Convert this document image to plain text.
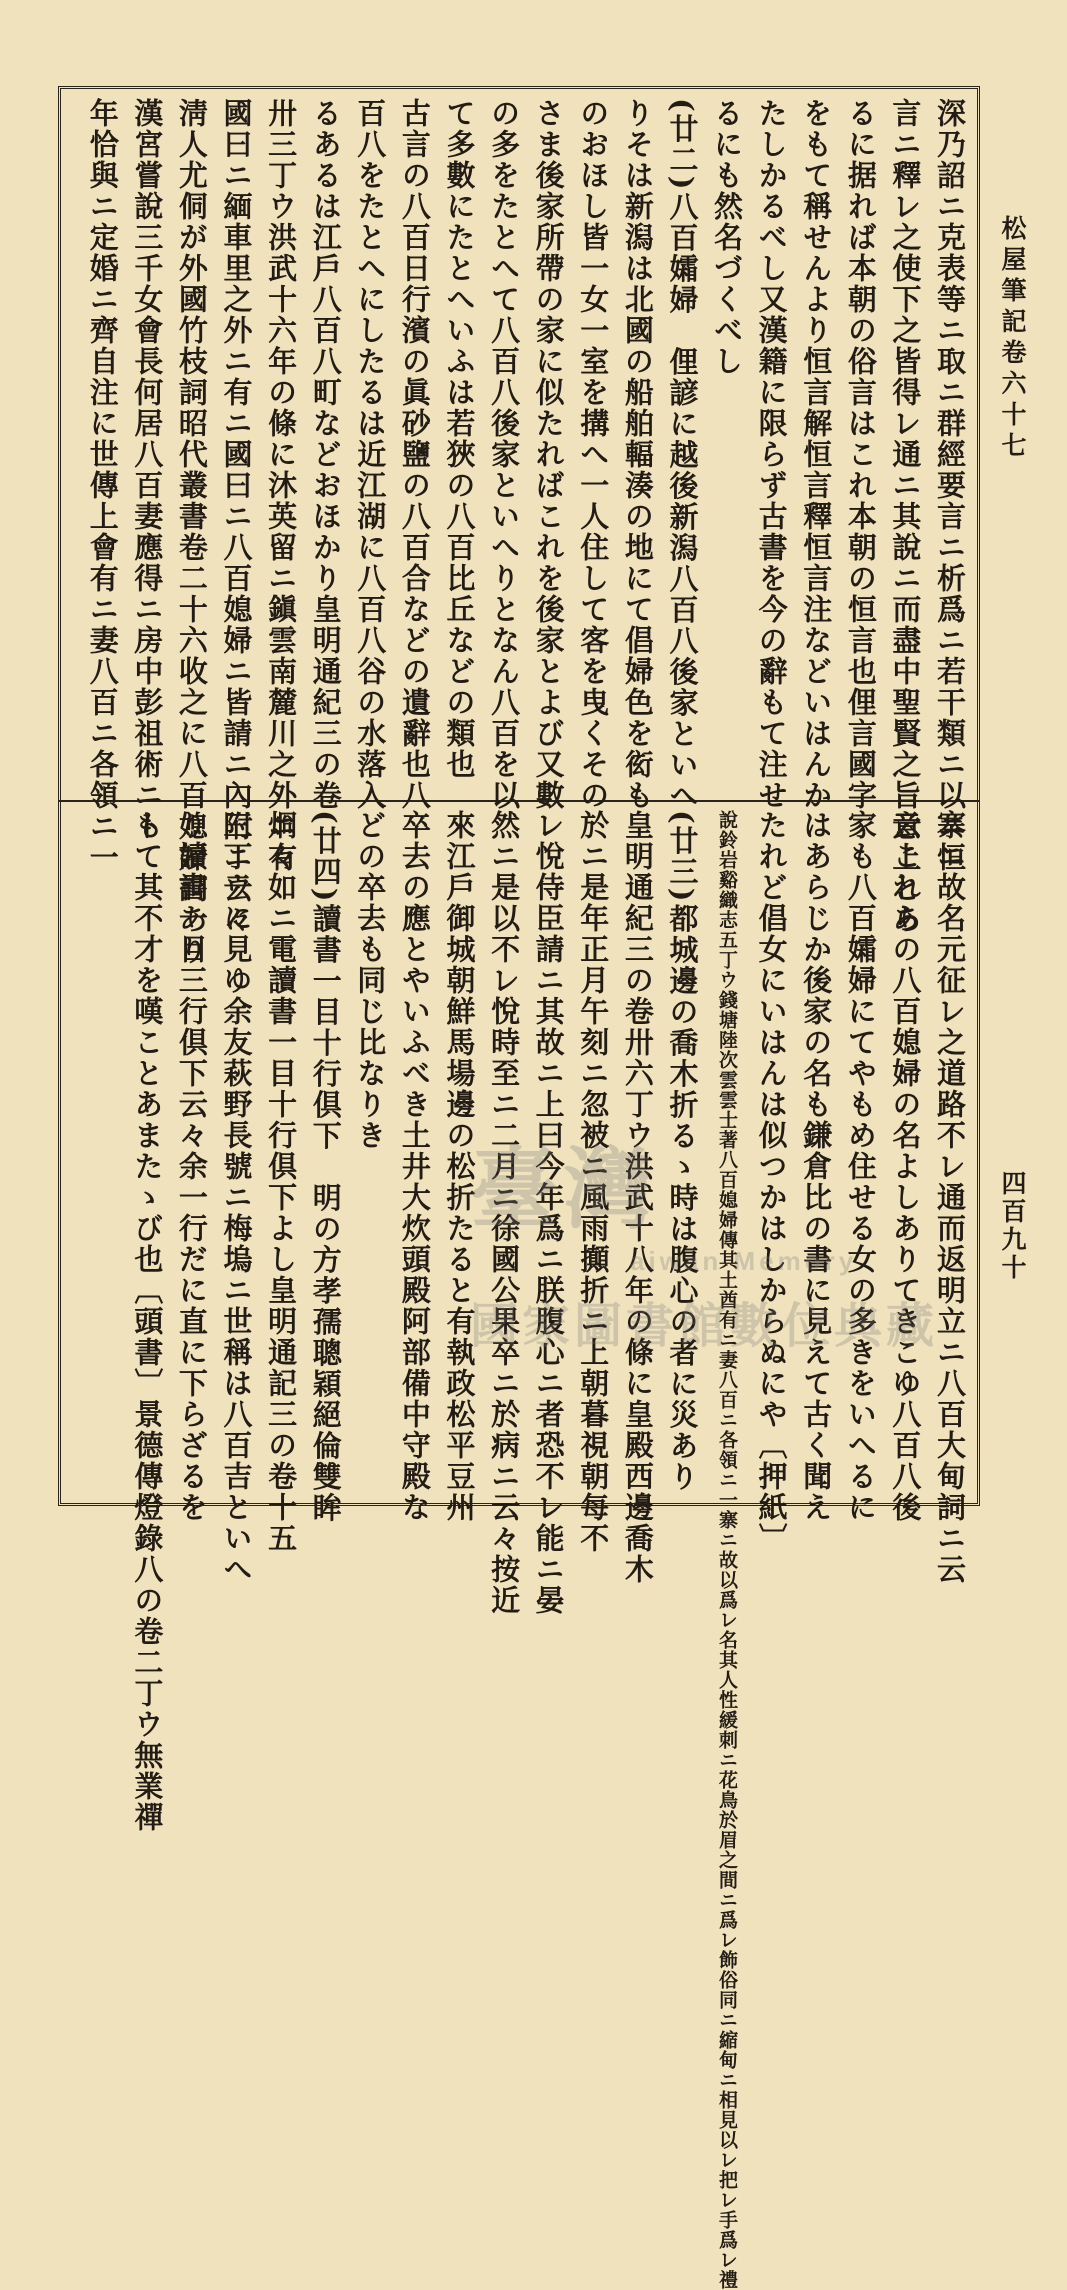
松屋筆記卷六十七
深乃詔ニ克表等ニ取ニ群經要言ニ析爲ニ若干類ニ以ニ恒
言ニ釋レ之使下之皆得レ通ニ其說ニ而盡中聖賢之旨意上とあ
るに据れば本朝の俗言はこれ本朝の恒言也俚言國字
をもて稱せんより恒言解恒言釋恒言注などいはんか
たしかるべし又漢籍に限らず古書を今の辭もて注せ
るにも然名づくべし
(廿二)八百孀婦　俚諺に越後新潟八百八後家といへ
りそは新潟は北國の船舶輻湊の地にて倡婦色を衒も
のおほし皆一女一室を搆へ一人住して客を曳くその
さま後家所帶の家に似たればこれを後家とよび又數
の多をたとへて八百八後家といへりとなん八百を以
て多數にたとへいふは若狹の八百比丘などの類也
古言の八百日行濱の眞砂鹽の八百合などの遺辭也八
百八をたとへにしたるは近江湖に八百八谷の水落入
るあるは江戶八百八町などおほかり皇明通紀三の卷
卅三丁ウ洪武十六年の條に沐英留ニ鎭雲南麓川之外ニ有
國曰ニ緬車里之外ニ有ニ國曰ニ八百媳婦ニ皆請ニ內附ニ云々
淸人尤侗が外國竹枝詞昭代叢書卷二十六收之に八百媳婦詞あり
漢宮嘗說三千女會長何居八百妻應得ニ房中彭祖術ニト
年恰與ニ定婚ニ齊自注に世傳上會有ニ妻八百ニ各領ニ一
寨ニ故名元征レ之道路不レ通而返明立ニ八百大甸詞ニ云
云これらの八百媳婦の名よしありてきこゆ八百八後
家も八百孀婦にてやもめ住せる女の多きをいへるに
はあらじか後家の名も鎌倉比の書に見えて古く聞え
たれど倡女にいはんは似つかはしからぬにや〔押紙〕
說鈴岩谿織志五丁ウ錢塘陸次雲雲士著八百媳婦傳其土酋有ニ妻八百ニ各領ニ一寨ニ故以爲レ名其人性緩刺ニ花鳥於眉之間ニ爲レ飾俗同ニ縮甸ニ相見以レ把レ手爲レ禮
(廿三)都城邊の喬木折るゝ時は腹心の者に災あり
皇明通紀三の卷卅六丁ウ洪武十八年の條に皇殿西邊喬木
於ニ是年正月午刻ニ忽被ニ風雨攧折ニ上朝暮視朝每不
レ悅侍臣請ニ其故ニ上曰今年爲ニ朕腹心ニ者恐不レ能ニ晏
然ニ是以不レ悅時至ニ二月ニ徐國公果卒ニ於病ニ云々按近
來江戶御城朝鮮馬場邊の松折たると有執政松平豆州
卒去の應とやいふべき土井大炊頭殿阿部備中守殿な
どの卒去も同じ比なりき
(廿四)讀書一目十行倶下　明の方孝孺聰穎絕倫雙眸
烱々如ニ電讀書一目十行倶下よし皇明通記三の卷十五
三丁ウに見ゆ余友萩野長號ニ梅塢ニ世稱は八百吉といへ
り讀書一目三行倶下云々余一行だに直に下らざるを
もて其不才を嘆ことあまたゝび也〔頭書〕景德傳燈錄八の卷二丁ウ無業禪	四百九十
臺灣
aiwan Memory
國家圖書館數位典藏
